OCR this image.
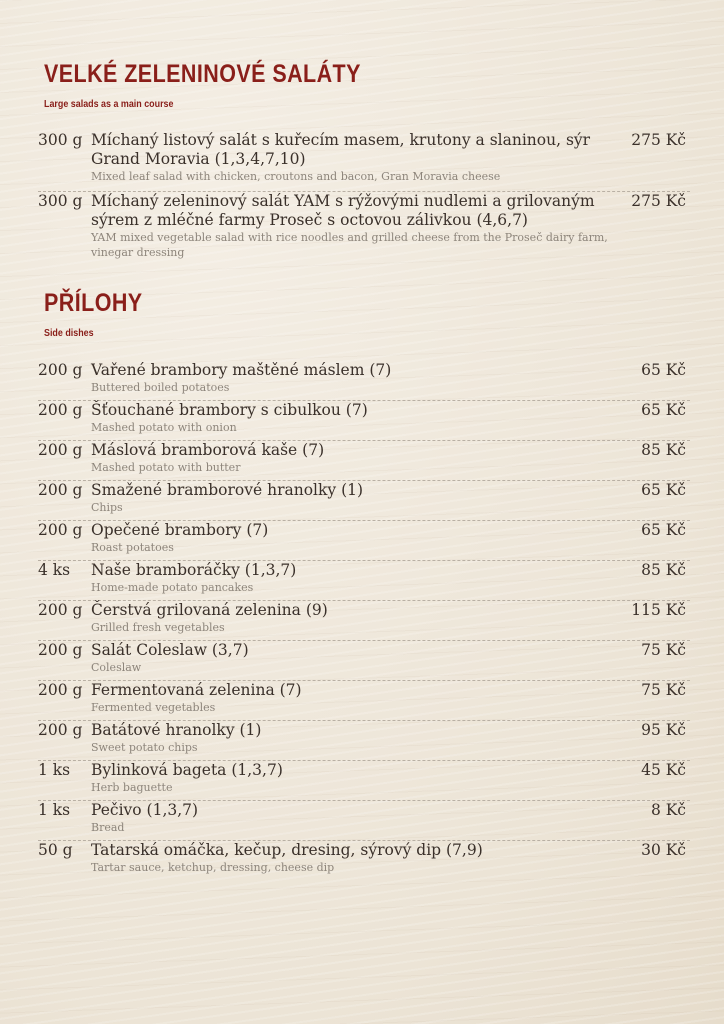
VELKÉ ZELENINOVÉ SALÁTY
Large salads as a main course
300 g Míchaný listový salát s kuřecím masem, krutony a slaninou, sýr Grand Moravia (1,3,4,7,10)
Mixed leaf salad with chicken, croutons and bacon, Gran Moravia cheese
275 Kč
300 g Míchaný zeleninový salát YAM s rýžovými nudlemi a grilovaným sýrem z mléčné farmy Proseč s octovou zálivkou (4,6,7)
YAM mixed vegetable salad with rice noodles and grilled cheese from the Proseč dairy farm, vinegar dressing
275 Kč
PŘÍLOHY
Side dishes
200 g Vařené brambory maštěné máslem (7)
Buttered boiled potatoes
65 Kč
200 g Šťouchané brambory s cibulkou (7)
Mashed potato with onion
65 Kč
200 g Máslová bramborová kaše (7)
Mashed potato with butter
85 Kč
200 g Smažené bramborové hranolky (1)
Chips
65 Kč
200 g Opečené brambory (7)
Roast potatoes
65 Kč
4 ks Naše bramboráčky (1,3,7)
Home-made potato pancakes
85 Kč
200 g Čerstvá grilovaná zelenina (9)
Grilled fresh vegetables
115 Kč
200 g Salát Coleslaw (3,7)
Coleslaw
75 Kč
200 g Fermentovaná zelenina (7)
Fermented vegetables
75 Kč
200 g Batátové hranolky (1)
Sweet potato chips
95 Kč
1 ks Bylinková bageta (1,3,7)
Herb baguette
45 Kč
1 ks Pečivo (1,3,7)
Bread
8 Kč
50 g Tatarská omáčka, kečup, dresing, sýrový dip (7,9)
Tartar sauce, ketchup, dressing, cheese dip
30 Kč
